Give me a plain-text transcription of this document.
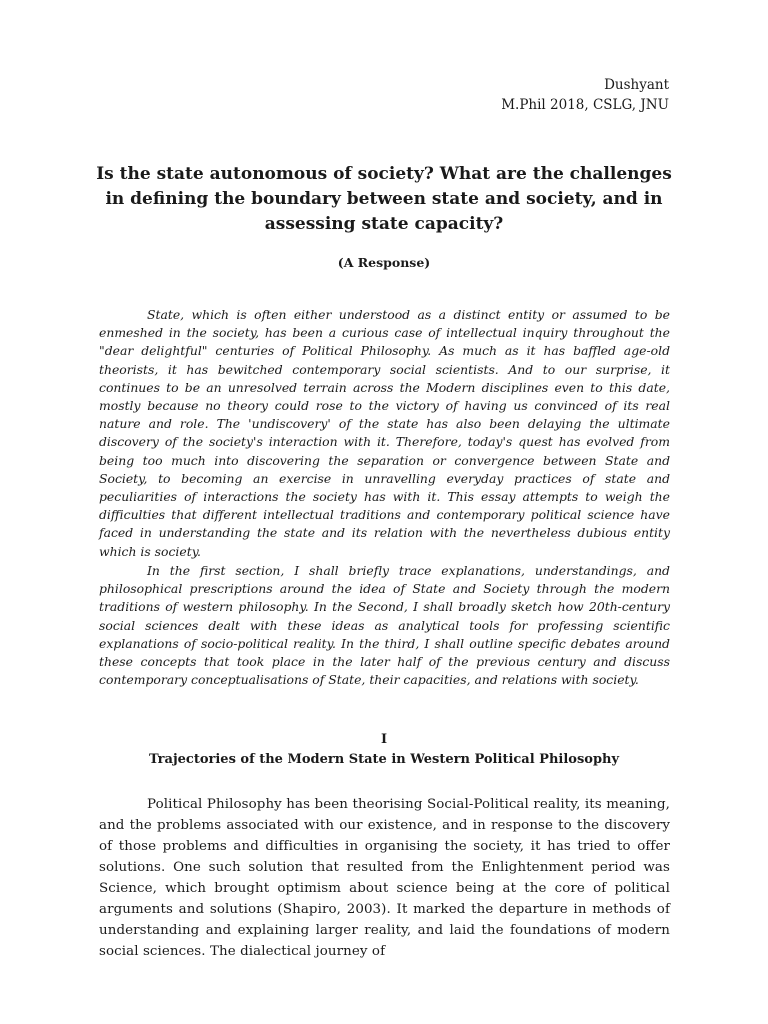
Dushyant
M.Phil 2018, CSLG, JNU
Is the state autonomous of society? What are the challenges in defining the boundary between state and society, and in assessing state capacity?
(A Response)

State, which is often either understood as a distinct entity or assumed to be enmeshed in the society, has been a curious case of intellectual inquiry throughout the "dear delightful" centuries of Political Philosophy. As much as it has baffled age-old theorists, it has bewitched contemporary social scientists. And to our surprise, it continues to be an unresolved terrain across the Modern disciplines even to this date, mostly because no theory could rose to the victory of having us convinced of its real nature and role. The 'undiscovery' of the state has also been delaying the ultimate discovery of the society's interaction with it. Therefore, today's quest has evolved from being too much into discovering the separation or convergence between State and Society, to becoming an exercise in unravelling everyday practices of state and peculiarities of interactions the society has with it. This essay attempts to weigh the difficulties that different intellectual traditions and contemporary political science have faced in understanding the state and its relation with the nevertheless dubious entity which is society.

In the first section, I shall briefly trace explanations, understandings, and philosophical prescriptions around the idea of State and Society through the modern traditions of western philosophy. In the Second, I shall broadly sketch how 20th-century social sciences dealt with these ideas as analytical tools for professing scientific explanations of socio-political reality. In the third, I shall outline specific debates around these concepts that took place in the later half of the previous century and discuss contemporary conceptualisations of State, their capacities, and relations with society.

I
Trajectories of the Modern State in Western Political Philosophy

Political Philosophy has been theorising Social-Political reality, its meaning, and the problems associated with our existence, and in response to the discovery of those problems and difficulties in organising the society, it has tried to offer solutions. One such solution that resulted from the Enlightenment period was Science, which brought optimism about science being at the core of political arguments and solutions (Shapiro, 2003). It marked the departure in methods of understanding and explaining larger reality, and laid the foundations of modern social sciences. The dialectical journey of
